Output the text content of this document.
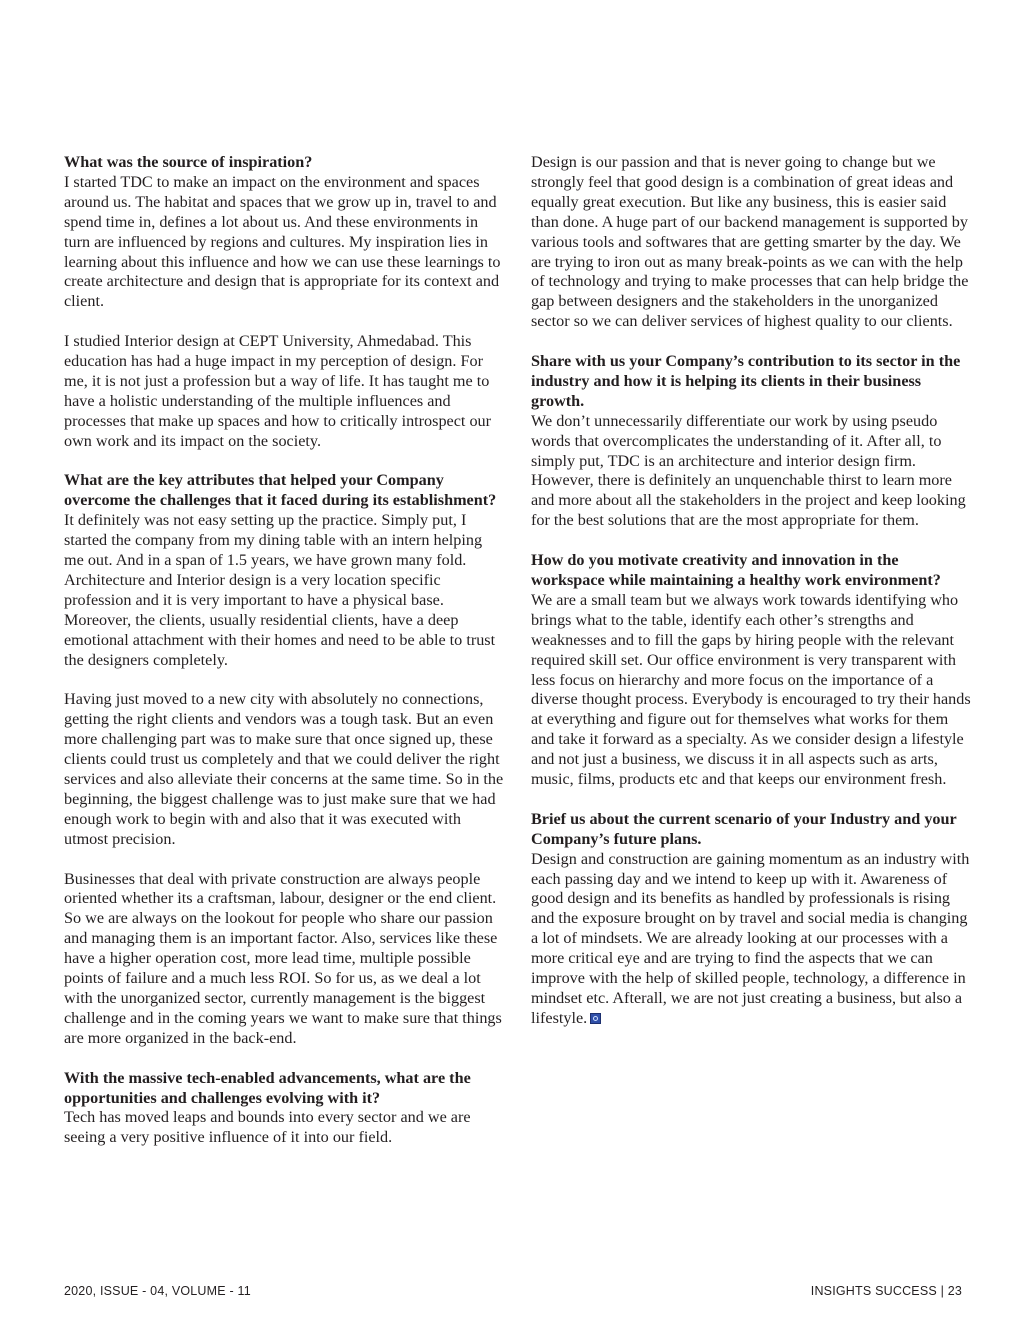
What was the source of inspiration?

I started TDC to make an impact on the environment and spaces around us. The habitat and spaces that we grow up in, travel to and spend time in, defines a lot about us. And these environments in turn are influenced by regions and cultures. My inspiration lies in learning about this influence and how we can use these learnings to create architecture and design that is appropriate for its context and client.

I studied Interior design at CEPT University, Ahmedabad. This education has had a huge impact in my perception of design. For me, it is not just a profession but a way of life. It has taught me to have a holistic understanding of the multiple influences and processes that make up spaces and how to critically introspect our own work and its impact on the society.

What are the key attributes that helped your Company overcome the challenges that it faced during its establishment?

It definitely was not easy setting up the practice. Simply put, I started the company from my dining table with an intern helping me out. And in a span of 1.5 years, we have grown many fold. Architecture and Interior design is a very location specific profession and it is very important to have a physical base. Moreover, the clients, usually residential clients, have a deep emotional attachment with their homes and need to be able to trust the designers completely.

Having just moved to a new city with absolutely no connections, getting the right clients and vendors was a tough task. But an even more challenging part was to make sure that once signed up, these clients could trust us completely and that we could deliver the right services and also alleviate their concerns at the same time. So in the beginning, the biggest challenge was to just make sure that we had enough work to begin with and also that it was executed with utmost precision.

Businesses that deal with private construction are always people oriented whether its a craftsman, labour, designer or the end client. So we are always on the lookout for people who share our passion and managing them is an important factor. Also, services like these have a higher operation cost, more lead time, multiple possible points of failure and a much less ROI. So for us, as we deal a lot with the unorganized sector, currently management is the biggest challenge and in the coming years we want to make sure that things are more organized in the back-end.

With the massive tech-enabled advancements, what are the opportunities and challenges evolving with it?

Tech has moved leaps and bounds into every sector and we are seeing a very positive influence of it into our field.

Design is our passion and that is never going to change but we strongly feel that good design is a combination of great ideas and equally great execution. But like any business, this is easier said than done. A huge part of our backend management is supported by various tools and softwares that are getting smarter by the day. We are trying to iron out as many break-points as we can with the help of technology and trying to make processes that can help bridge the gap between designers and the stakeholders in the unorganized sector so we can deliver services of highest quality to our clients.

Share with us your Company’s contribution to its sector in the industry and how it is helping its clients in their business growth.

We don’t unnecessarily differentiate our work by using pseudo words that overcomplicates the understanding of it. After all, to simply put, TDC is an architecture and interior design firm. However, there is definitely an unquenchable thirst to learn more and more about all the stakeholders in the project and keep looking for the best solutions that are the most appropriate for them.

How do you motivate creativity and innovation in the workspace while maintaining a healthy work environment?

We are a small team but we always work towards identifying who brings what to the table, identify each other’s strengths and weaknesses and to fill the gaps by hiring people with the relevant required skill set. Our office environment is very transparent with less focus on hierarchy and more focus on the importance of a diverse thought process. Everybody is encouraged to try their hands at everything and figure out for themselves what works for them and take it forward as a specialty. As we consider design a lifestyle and not just a business, we discuss it in all aspects such as arts, music, films, products etc and that keeps our environment fresh.

Brief us about the current scenario of your Industry and your Company’s future plans.

Design and construction are gaining momentum as an industry with each passing day and we intend to keep up with it. Awareness of good design and its benefits as handled by professionals is rising and the exposure brought on by travel and social media is changing a lot of mindsets. We are already looking at our processes with a more critical eye and are trying to find the aspects that we can improve with the help of skilled people, technology, a difference in mindset etc. Afterall, we are not just creating a business, but also a lifestyle.

2020, ISSUE - 04, VOLUME - 11	INSIGHTS SUCCESS | 23
